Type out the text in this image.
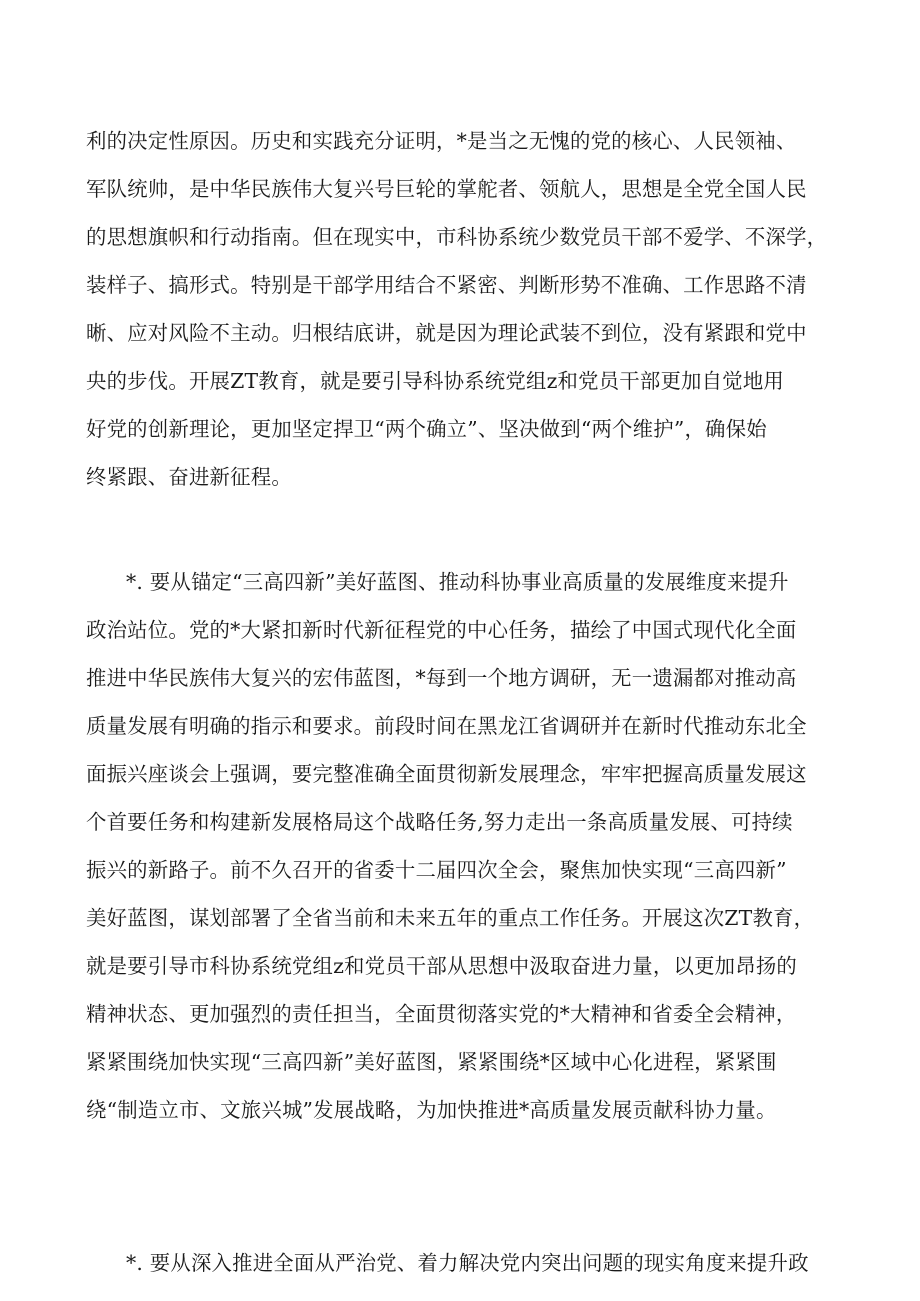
利的决定性原因。历史和实践充分证明，*是当之无愧的党的核心、人民领袖、
军队统帅，是中华民族伟大复兴号巨轮的掌舵者、领航人，思想是全党全国人民
的思想旗帜和行动指南。但在现实中，市科协系统少数党员干部不爱学、不深学，
装样子、搞形式。特别是干部学用结合不紧密、判断形势不准确、工作思路不清
晰、应对风险不主动。归根结底讲，就是因为理论武装不到位，没有紧跟和党中
央的步伐。开展ZT教育，就是要引导科协系统党组z和党员干部更加自觉地用
好党的创新理论，更加坚定捍卫“两个确立”、坚决做到“两个维护”，确保始
终紧跟、奋进新征程。
*. 要从锚定“三高四新”美好蓝图、推动科协事业高质量的发展维度来提升
政治站位。党的*大紧扣新时代新征程党的中心任务，描绘了中国式现代化全面
推进中华民族伟大复兴的宏伟蓝图，*每到一个地方调研，无一遗漏都对推动高
质量发展有明确的指示和要求。前段时间在黑龙江省调研并在新时代推动东北全
面振兴座谈会上强调，要完整准确全面贯彻新发展理念，牢牢把握高质量发展这
个首要任务和构建新发展格局这个战略任务,努力走出一条高质量发展、可持续
振兴的新路子。前不久召开的省委十二届四次全会，聚焦加快实现“三高四新”
美好蓝图，谋划部署了全省当前和未来五年的重点工作任务。开展这次ZT教育，
就是要引导市科协系统党组z和党员干部从思想中汲取奋进力量，以更加昂扬的
精神状态、更加强烈的责任担当，全面贯彻落实党的*大精神和省委全会精神，
紧紧围绕加快实现“三高四新”美好蓝图，紧紧围绕*区域中心化进程，紧紧围
绕“制造立市、文旅兴城”发展战略，为加快推进*高质量发展贡献科协力量。
*. 要从深入推进全面从严治党、着力解决党内突出问题的现实角度来提升政
